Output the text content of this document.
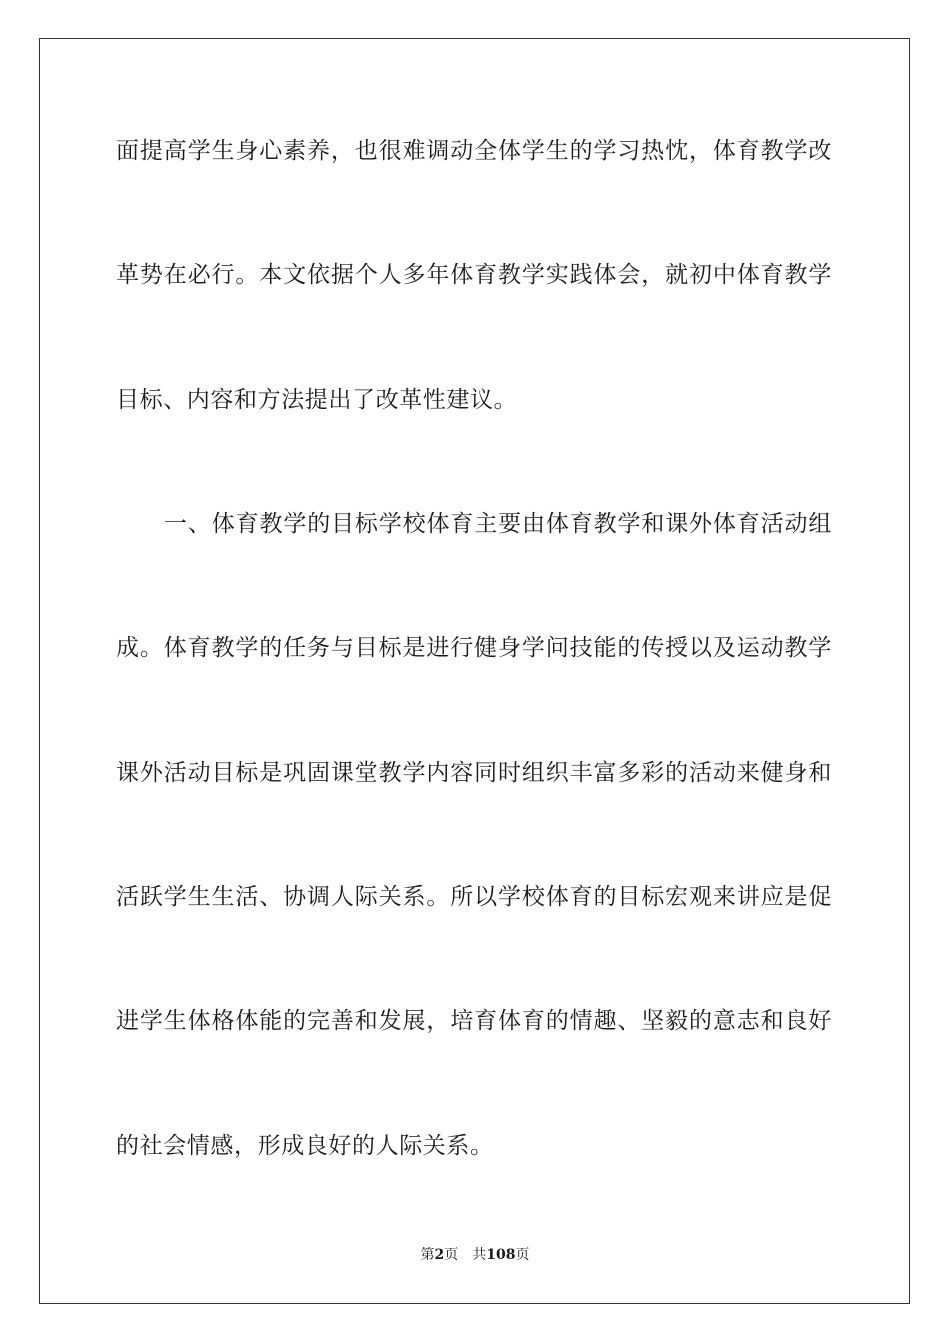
面提高学生身心素养，也很难调动全体学生的学习热忱，体育教学改
革势在必行。本文依据个人多年体育教学实践体会，就初中体育教学
目标、内容和方法提出了改革性建议。
一、体育教学的目标学校体育主要由体育教学和课外体育活动组
成。体育教学的任务与目标是进行健身学问技能的传授以及运动教学
课外活动目标是巩固课堂教学内容同时组织丰富多彩的活动来健身和
活跃学生生活、协调人际关系。所以学校体育的目标宏观来讲应是促
进学生体格体能的完善和发展，培育体育的情趣、坚毅的意志和良好
的社会情感，形成良好的人际关系。
第2页 共108页
